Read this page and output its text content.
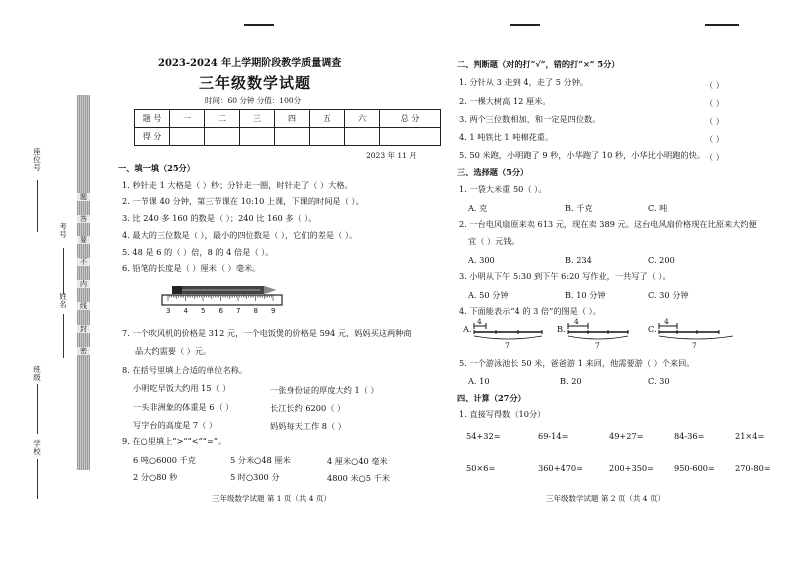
座位号
考号
姓名
班级
学校
题
答
要
不
内
线
封
密
2023-2024 年上学期阶段教学质量调查
三年级数学试题
时间：60 分钟 分值：100分
题 号	一	二	三	四	五	六	总 分
得 分							
2023 年 11 月
一、填一填（25分）
1. 秒针走 1 大格是（ ）秒；分针走一圈，时针走了（ ）大格。
2. 一节课 40 分钟，第三节课在 10:10 上课，下课的时间是（ ）。
3. 比 240 多 160 的数是（ ）；240 比 160 多（ ）。
4. 最大的三位数是（ ），最小的四位数是（ ），它们的差是（ ）。
5. 48 是 6 的（ ）倍，8 的 4 倍是（ ）。
6. 铅笔的长度是（ ）厘米（ ）毫米。
3 4 5 6 7 8 9
7. 一个吹风机的价格是 312 元，一个电饭煲的价格是 594 元，妈妈买这两种商
品大约需要（ ）元。
8. 在括号里填上合适的单位名称。
小明吃早饭大约用 15（ ）	一张身份证的厚度大约 1（ ）
一头非洲象的体重是 6（ ）	长江长约 6200（ ）
写字台的高度是 7（ ）	妈妈每天工作 8（ ）
9. 在○里填上“>”“<”“=”。
6 吨○6000 千克	5 分米○48 厘米	4 厘米○40 毫米
2 分○80 秒	5 时○300 分	4800 米○5 千米
三年级数学试题 第 1 页（共 4 页）
二、判断题（对的打“√”，错的打“×” 5分）
1. 分针从 3 走到 4，走了 5 分钟。	（ ）
2. 一棵大树高 12 厘米。	（ ）
3. 两个三位数相加，和一定是四位数。	（ ）
4. 1 吨铁比 1 吨棉花重。	（ ）
5. 50 米跑，小明跑了 9 秒，小华跑了 10 秒，小华比小明跑的快。 （ ）
三、选择题（5分）
1. 一袋大米重 50（ ）。
A. 克	B. 千克	C. 吨
2. 一台电风扇原来卖 613 元，现在卖 389 元。这台电风扇价格现在比原来大约便
宜（ ）元钱。
A. 300	B. 234	C. 200
3. 小明从下午 5:30 到下午 6:20 写作业，一共写了（ ）。
A. 50 分钟	B. 10 分钟	C. 30 分钟
4. 下面能表示“4 的 3 倍”的图是（ ）。
A.	B.	C.
4
7
4
7
4
7
5. 一个游泳池长 50 米，爸爸游 1 来回，他需要游（ ）个来回。
A. 10	B. 20	C. 30
四、计算（27分）
1. 直接写得数（10分）
54+32=	69-14=	49+27=	84-36=	21×4=
50×6=	360+470=	200+350= 950-600= 270-80=
三年级数学试题 第 2 页（共 4 页）
